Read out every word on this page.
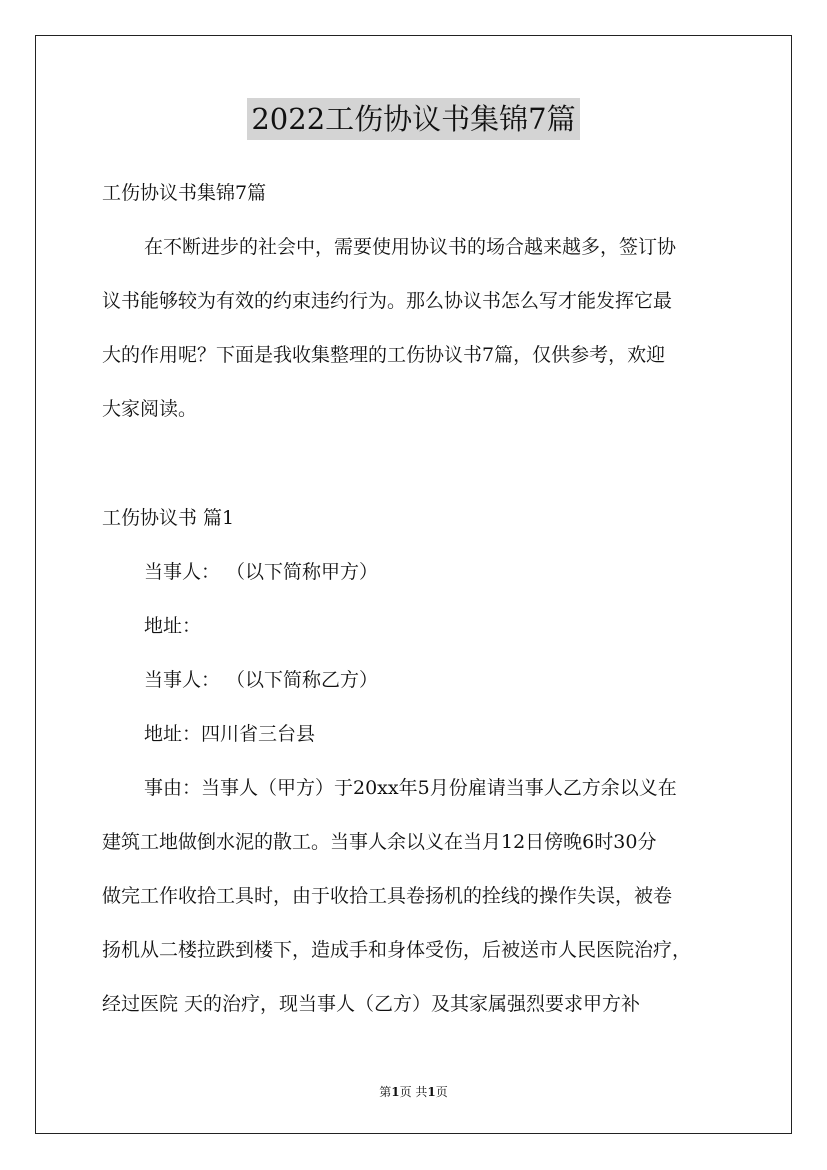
2022工伤协议书集锦7篇
工伤协议书集锦7篇
在不断进步的社会中，需要使用协议书的场合越来越多，签订协
议书能够较为有效的约束违约行为。那么协议书怎么写才能发挥它最
大的作用呢？下面是我收集整理的工伤协议书7篇，仅供参考，欢迎
大家阅读。
工伤协议书 篇1
当事人： （以下简称甲方）
地址：
当事人： （以下简称乙方）
地址：四川省三台县
事由：当事人（甲方）于20xx年5月份雇请当事人乙方余以义在
建筑工地做倒水泥的散工。当事人余以义在当月12日傍晚6时30分
做完工作收拾工具时，由于收拾工具卷扬机的拴线的操作失误，被卷
扬机从二楼拉跌到楼下，造成手和身体受伤，后被送市人民医院治疗，
经过医院 天的治疗，现当事人（乙方）及其家属强烈要求甲方补
第1页 共1页
